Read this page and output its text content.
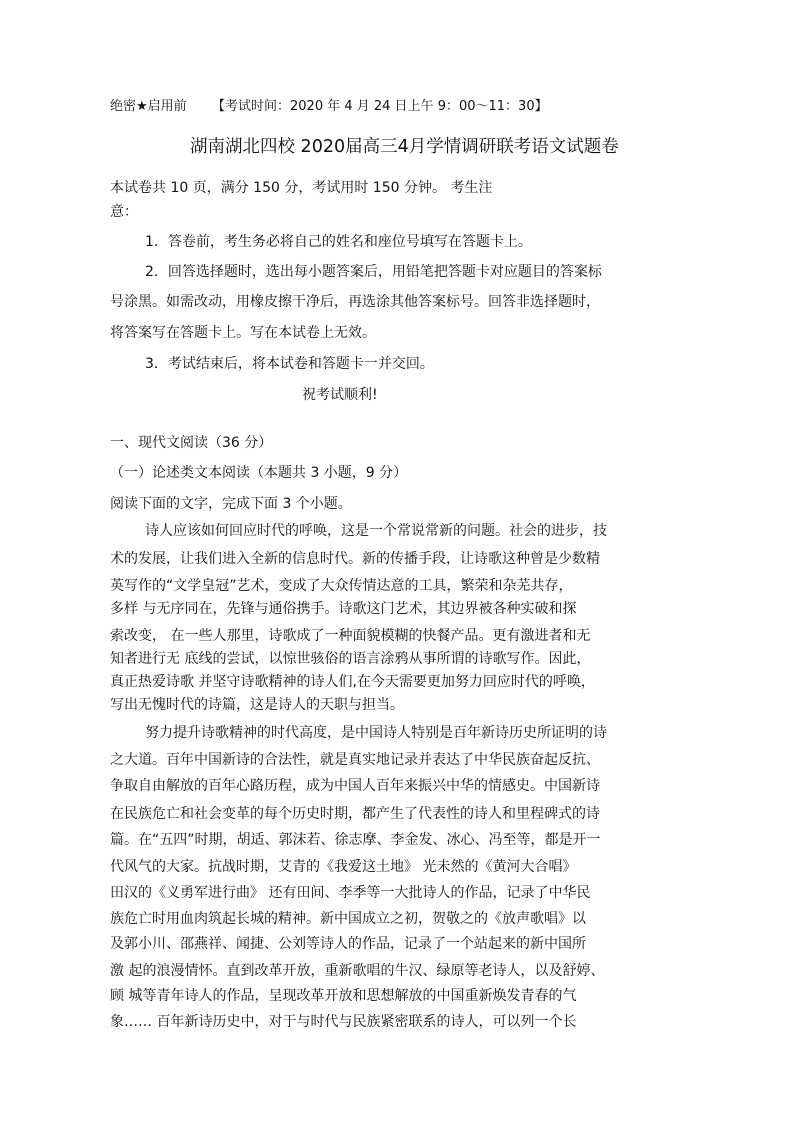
绝密★启用前 【考试时间：2020 年 4 月 24 日上午 9：00～11：30】
湖南湖北四校 2020届高三4月学情调研联考语文试题卷
本试卷共 10 页，满分 150 分，考试用时 150 分钟。 考生注
意：
1．答卷前，考生务必将自己的姓名和座位号填写在答题卡上。
2．回答选择题时，选出每小题答案后，用铅笔把答题卡对应题目的答案标
号涂黑。如需改动，用橡皮擦干净后，再选涂其他答案标号。回答非选择题时，
将答案写在答题卡上。写在本试卷上无效。
3．考试结束后，将本试卷和答题卡一并交回。
祝考试顺利!
一、现代文阅读（36 分）
（一）论述类文本阅读（本题共 3 小题，9 分）
阅读下面的文字，完成下面 3 个小题。
诗人应该如何回应时代的呼唤，这是一个常说常新的问题。社会的进步，技
术的发展，让我们进入全新的信息时代。新的传播手段，让诗歌这种曾是少数精
英写作的“文学皇冠”艺术，变成了大众传情达意的工具，繁荣和杂芜共存，
多样 与无序同在，先锋与通俗携手。诗歌这门艺术，其边界被各种实破和探
索改变， 在一些人那里，诗歌成了一种面貌模糊的快餐产品。更有激进者和无
知者进行无 底线的尝试，以惊世骇俗的语言涂鸦从事所谓的诗歌写作。因此，
真正热爱诗歌 并坚守诗歌精神的诗人们,在今天需要更加努力回应时代的呼唤，
写出无愧时代的诗篇，这是诗人的天职与担当。
努力提升诗歌精神的时代高度，是中国诗人特别是百年新诗历史所证明的诗
之大道。百年中国新诗的合法性，就是真实地记录并表达了中华民族奋起反抗、
争取自由解放的百年心路历程，成为中国人百年来振兴中华的情感史。中国新诗
在民族危亡和社会变革的每个历史时期，都产生了代表性的诗人和里程碑式的诗
篇。在“五四”时期，胡适、郭沫若、徐志摩、李金发、冰心、冯至等，都是开一
代风气的大家。抗战时期，艾青的《我爱这土地》 光未然的《黄河大合唱》
田汉的《义勇军进行曲》 还有田间、李季等一大批诗人的作品，记录了中华民
族危亡时用血肉筑起长城的精神。新中国成立之初，贺敬之的《放声歌唱》以
及郭小川、邵燕祥、闻捷、公刘等诗人的作品，记录了一个站起来的新中国所
激 起的浪漫情怀。直到改革开放，重新歌唱的牛汉、绿原等老诗人，以及舒婷、
顾 城等青年诗人的作品，呈现改革开放和思想解放的中国重新焕发青春的气
象…… 百年新诗历史中，对于与时代与民族紧密联系的诗人，可以列一个长
